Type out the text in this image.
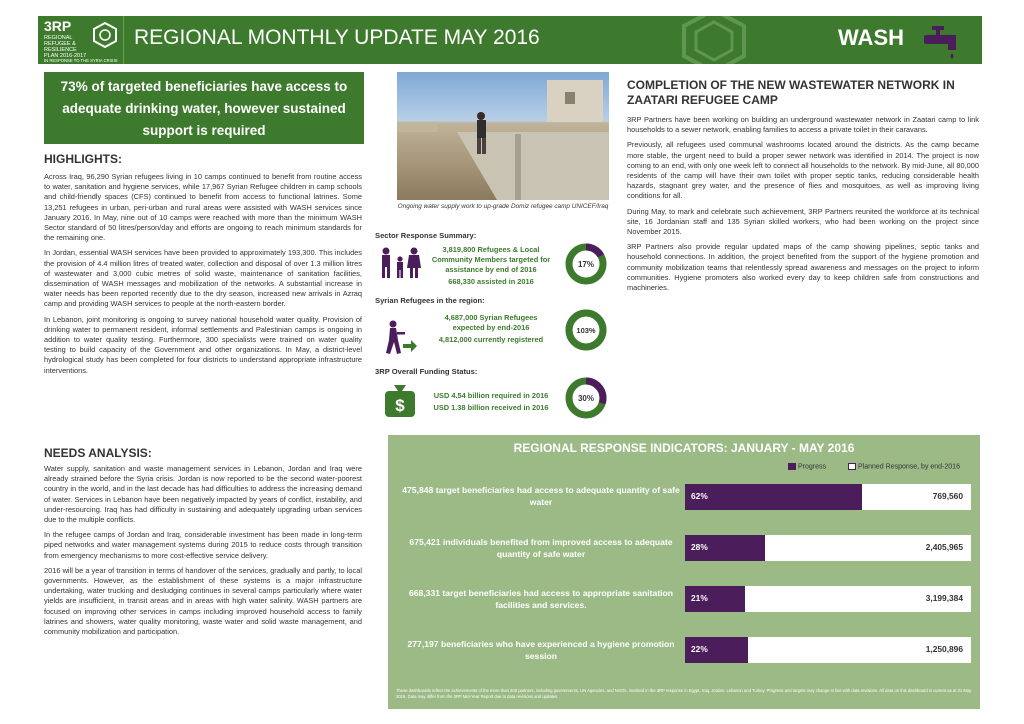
3RP
REGIONAL
REFUGEE &
RESILIENCE
PLAN 2016-2017
IN RESPONSE TO THE SYRIA CRISIS
REGIONAL MONTHLY UPDATE MAY 2016	WASH
73% of targeted beneficiaries have access to adequate drinking water, however sustained support is required
HIGHLIGHTS:

Across Iraq, 96,290 Syrian refugees living in 10 camps continued to benefit from routine access to water, sanitation and hygiene services, while 17,967 Syrian Refugee children in camp schools and child-friendly spaces (CFS) continued to benefit from access to functional latrines. Some 13,251 refugees in urban, peri-urban and rural areas were assisted with WASH services since January 2016. In May, nine out of 10 camps were reached with more than the minimum WASH Sector standard of 50 litres/person/day and efforts are ongoing to reach minimum standards for the remaining one.

In Jordan, essential WASH services have been provided to approximately 193,300. This includes the provision of 4.4 million litres of treated water, collection and disposal of over 1.3 million litres of wastewater and 3,000 cubic metres of solid waste, maintenance of sanitation facilities, dissemination of WASH messages and mobilization of the networks. A substantial increase in water needs has been reported recently due to the dry season, increased new arrivals in Azraq camp and providing WASH services to people at the north-eastern border.

In Lebanon, joint monitoring is ongoing to survey national household water quality. Provision of drinking water to permanent resident, informal settlements and Palestinian camps is ongoing in addition to water quality testing. Furthermore, 300 specialists were trained on water quality testing to build capacity of the Government and other organizations. In May, a district-level hydrological study has been completed for four districts to understand appropriate infrastructure interventions.

NEEDS ANALYSIS:

Water supply, sanitation and waste management services in Lebanon, Jordan and Iraq were already strained before the Syria crisis. Jordan is now reported to be the second water-poorest country in the world, and in the last decade has had difficulties to address the increasing demand of water. Services in Lebanon have been negatively impacted by years of conflict, instability, and under-resourcing. Iraq has had difficulty in sustaining and adequately upgrading urban services due to the multiple conflicts.

In the refugee camps of Jordan and Iraq, considerable investment has been made in long-term piped networks and water management systems during 2015 to reduce costs through transition from emergency mechanisms to more cost-effective service delivery.

2016 will be a year of transition in terms of handover of the services, gradually and partly, to local governments. However, as the establishment of these systems is a major infrastructure undertaking, water trucking and desludging continues in several camps particularly where water yields are insufficient, in transit areas and in areas with high water salinity. WASH partners are focused on improving other services in camps including improved household access to family latrines and showers, water quality monitoring, waste water and solid waste management, and community mobilization and participation.

Ongoing water supply work to up-grade Domiz refugee camp UNICEF/Iraq
Sector Response Summary:
3,819,800 Refugees & Local Community Members targeted for assistance by end of 2016
668,330 assisted in 2016
17%
Syrian Refugees in the region:
4,687,000 Syrian Refugees expected by end-2016
4,812,000 currently registered
103%
3RP Overall Funding Status:
$
USD 4.54 billion required in 2016
USD 1.38 billion received in 2016
30%
COMPLETION OF THE NEW WASTEWATER NETWORK IN ZAATARI REFUGEE CAMP

3RP Partners have been working on building an underground wastewater network in Zaatari camp to link households to a sewer network, enabling families to access a private toilet in their caravans.

Previously, all refugees used communal washrooms located around the districts. As the camp became more stable, the urgent need to build a proper sewer network was identified in 2014. The project is now coming to an end, with only one week left to connect all households to the network. By mid-June, all 80,000 residents of the camp will have their own toilet with proper septic tanks, reducing considerable health hazards, stagnant grey water, and the presence of flies and mosquitoes, as well as improving living conditions for all.

During May, to mark and celebrate such achievement, 3RP Partners reunited the workforce at its technical site, 16 Jordanian staff and 135 Syrian skilled workers, who had been working on the project since November 2015.

3RP Partners also provide regular updated maps of the camp showing pipelines, septic tanks and household connections. In addition, the project benefited from the support of the hygiene promotion and community mobilization teams that relentlessly spread awareness and messages on the project to inform communities. Hygiene promoters also worked every day to keep children safe from constructions and machineries.

REGIONAL RESPONSE INDICATORS: JANUARY - MAY 2016
Progress	Planned Response, by end-2016
475,848 target beneficiaries had access to adequate quantity of safe water
62%	769,560
675,421 individuals benefited from improved access to adequate quantity of safe water
28%	2,405,965
668,331 target beneficiaries had access to appropriate sanitation facilities and services.
21%	3,199,384
277,197 beneficiaries who have experienced a hygiene promotion session
22%	1,250,896
These dashboards reflect the achievements of the more than 200 partners, including governments, UN Agencies, and NGOs, involved in the 3RP response in Egypt, Iraq, Jordan, Lebanon and Turkey. Progress and targets may change in line with data revisions. All data on this dashboard is current as at 31 May 2016. Data may differ from the 3RP Mid-Year Report due to data revisions and updates.
